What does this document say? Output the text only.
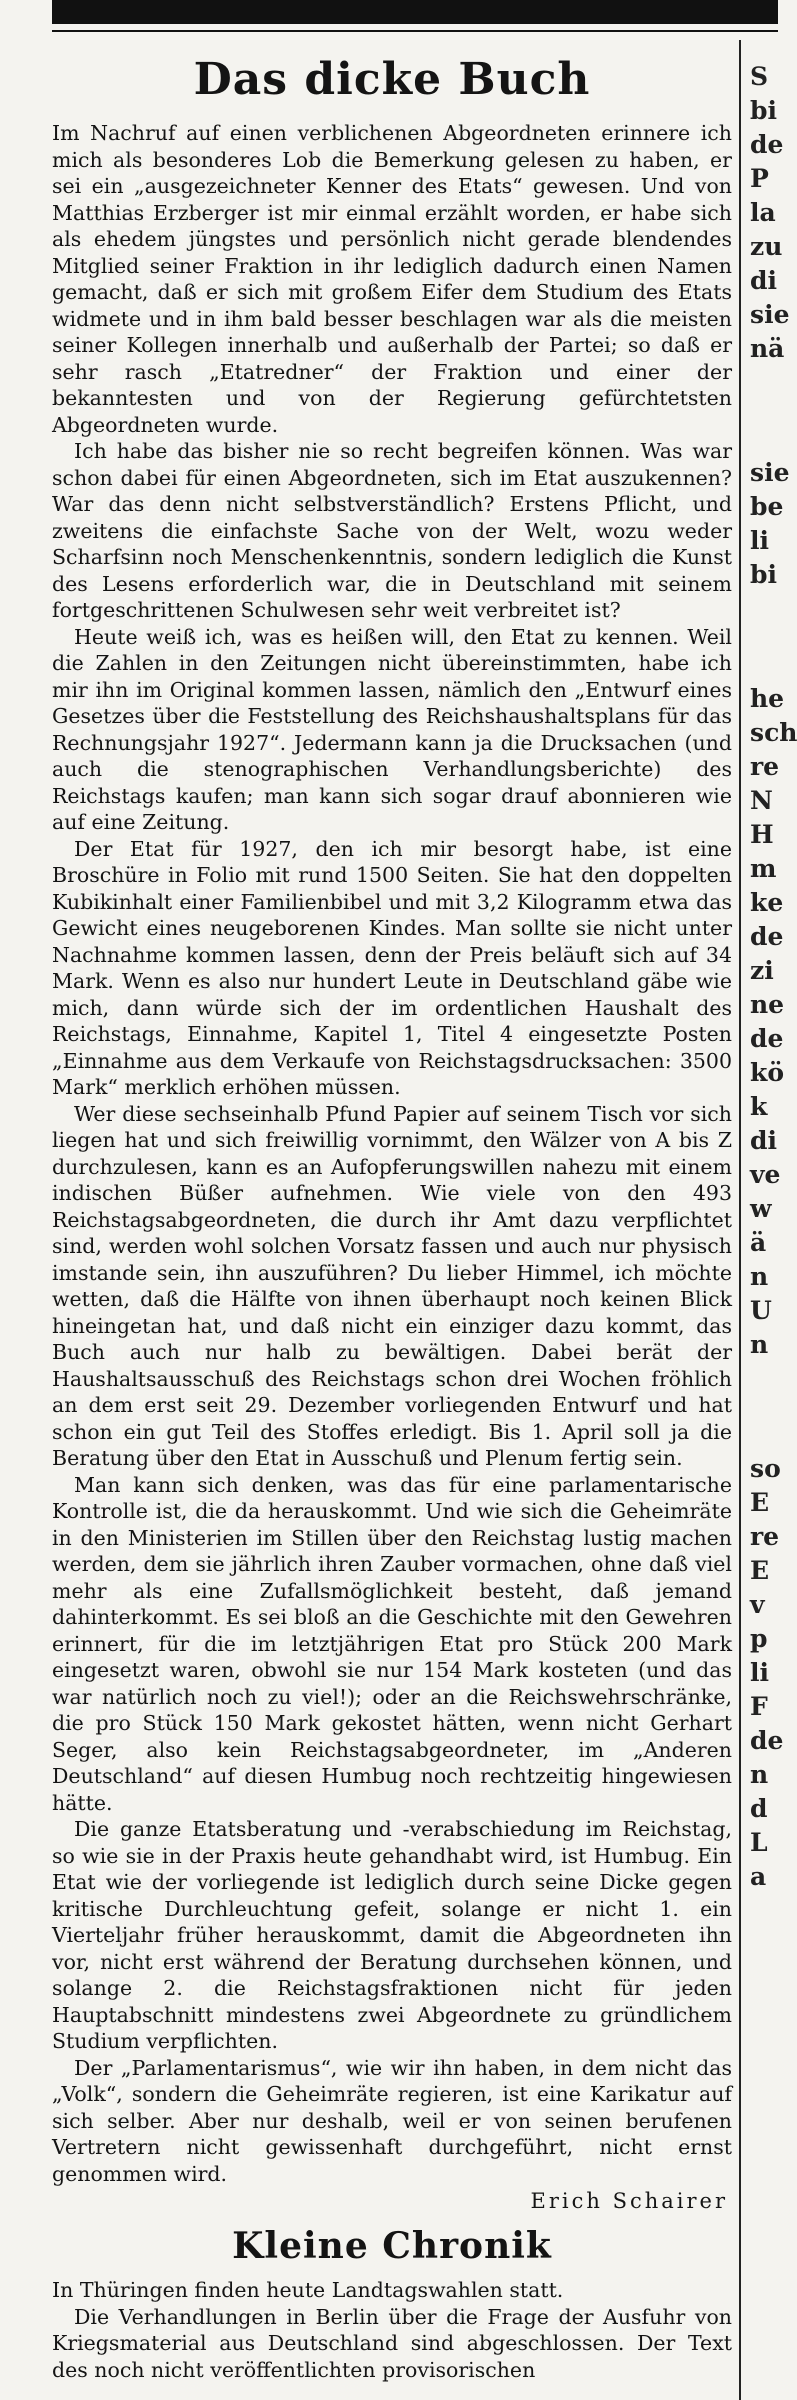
Das dicke Buch

Im Nachruf auf einen verblichenen Abgeordneten erinnere ich mich als besonderes Lob die Bemerkung gelesen zu haben, er sei ein „ausgezeichneter Kenner des Etats“ gewesen. Und von Matthias Erzberger ist mir einmal erzählt worden, er habe sich als ehedem jüngstes und persönlich nicht gerade blendendes Mitglied seiner Fraktion in ihr lediglich dadurch einen Namen gemacht, daß er sich mit großem Eifer dem Studium des Etats widmete und in ihm bald besser beschlagen war als die meisten seiner Kollegen innerhalb und außerhalb der Partei; so daß er sehr rasch „Etatredner“ der Fraktion und einer der bekanntesten und von der Regierung gefürchtetsten Abgeordneten wurde.

Ich habe das bisher nie so recht begreifen können. Was war schon dabei für einen Abgeordneten, sich im Etat auszukennen? War das denn nicht selbstverständlich? Erstens Pflicht, und zweitens die einfachste Sache von der Welt, wozu weder Scharfsinn noch Menschenkenntnis, sondern lediglich die Kunst des Lesens erforderlich war, die in Deutschland mit seinem fortgeschrittenen Schulwesen sehr weit verbreitet ist?

Heute weiß ich, was es heißen will, den Etat zu kennen. Weil die Zahlen in den Zeitungen nicht übereinstimmten, habe ich mir ihn im Original kommen lassen, nämlich den „Entwurf eines Gesetzes über die Feststellung des Reichshaushaltsplans für das Rechnungsjahr 1927“. Jedermann kann ja die Drucksachen (und auch die stenographischen Verhandlungsberichte) des Reichstags kaufen; man kann sich sogar drauf abonnieren wie auf eine Zeitung.

Der Etat für 1927, den ich mir besorgt habe, ist eine Broschüre in Folio mit rund 1500 Seiten. Sie hat den doppelten Kubikinhalt einer Familienbibel und mit 3,2 Kilogramm etwa das Gewicht eines neugeborenen Kindes. Man sollte sie nicht unter Nachnahme kommen lassen, denn der Preis beläuft sich auf 34 Mark. Wenn es also nur hundert Leute in Deutschland gäbe wie mich, dann würde sich der im ordentlichen Haushalt des Reichstags, Einnahme, Kapitel 1, Titel 4 eingesetzte Posten „Einnahme aus dem Verkaufe von Reichstagsdrucksachen: 3500 Mark“ merklich erhöhen müssen.

Wer diese sechseinhalb Pfund Papier auf seinem Tisch vor sich liegen hat und sich freiwillig vornimmt, den Wälzer von A bis Z durchzulesen, kann es an Aufopferungswillen nahezu mit einem indischen Büßer aufnehmen. Wie viele von den 493 Reichstagsabgeordneten, die durch ihr Amt dazu verpflichtet sind, werden wohl solchen Vorsatz fassen und auch nur physisch imstande sein, ihn auszuführen? Du lieber Himmel, ich möchte wetten, daß die Hälfte von ihnen überhaupt noch keinen Blick hineingetan hat, und daß nicht ein einziger dazu kommt, das Buch auch nur halb zu bewältigen. Dabei berät der Haushaltsausschuß des Reichstags schon drei Wochen fröhlich an dem erst seit 29. Dezember vorliegenden Entwurf und hat schon ein gut Teil des Stoffes erledigt. Bis 1. April soll ja die Beratung über den Etat in Ausschuß und Plenum fertig sein.

Man kann sich denken, was das für eine parlamentarische Kontrolle ist, die da herauskommt. Und wie sich die Geheimräte in den Ministerien im Stillen über den Reichstag lustig machen werden, dem sie jährlich ihren Zauber vormachen, ohne daß viel mehr als eine Zufallsmöglichkeit besteht, daß jemand dahinterkommt. Es sei bloß an die Geschichte mit den Gewehren erinnert, für die im letztjährigen Etat pro Stück 200 Mark eingesetzt waren, obwohl sie nur 154 Mark kosteten (und das war natürlich noch zu viel!); oder an die Reichswehrschränke, die pro Stück 150 Mark gekostet hätten, wenn nicht Gerhart Seger, also kein Reichstagsabgeordneter, im „Anderen Deutschland“ auf diesen Humbug noch rechtzeitig hingewiesen hätte.

Die ganze Etatsberatung und -verabschiedung im Reichstag, so wie sie in der Praxis heute gehandhabt wird, ist Humbug. Ein Etat wie der vorliegende ist lediglich durch seine Dicke gegen kritische Durchleuchtung gefeit, solange er nicht 1. ein Vierteljahr früher herauskommt, damit die Abgeordneten ihn vor, nicht erst während der Beratung durchsehen können, und solange 2. die Reichstagsfraktionen nicht für jeden Hauptabschnitt mindestens zwei Abgeordnete zu gründlichem Studium verpflichten.

Der „Parlamentarismus“, wie wir ihn haben, in dem nicht das „Volk“, sondern die Geheimräte regieren, ist eine Karikatur auf sich selber. Aber nur deshalb, weil er von seinen berufenen Vertretern nicht gewissenhaft durchgeführt, nicht ernst genommen wird.

Erich Schairer
Kleine Chronik

In Thüringen finden heute Landtagswahlen statt.

Die Verhandlungen in Berlin über die Frage der Ausfuhr von Kriegsmaterial aus Deutschland sind abgeschlossen. Der Text des noch nicht veröffentlichten provisorischen

S
bi
de
P
la
zu
di
sie
nä
sie
be
li
bi
he
sch
re
N
H
m
ke
de
zi
ne
de
kö
k
di
ve
w
ä
n
U
n
so
E
re
E
v
p
li
F
de
n
d
L
a
